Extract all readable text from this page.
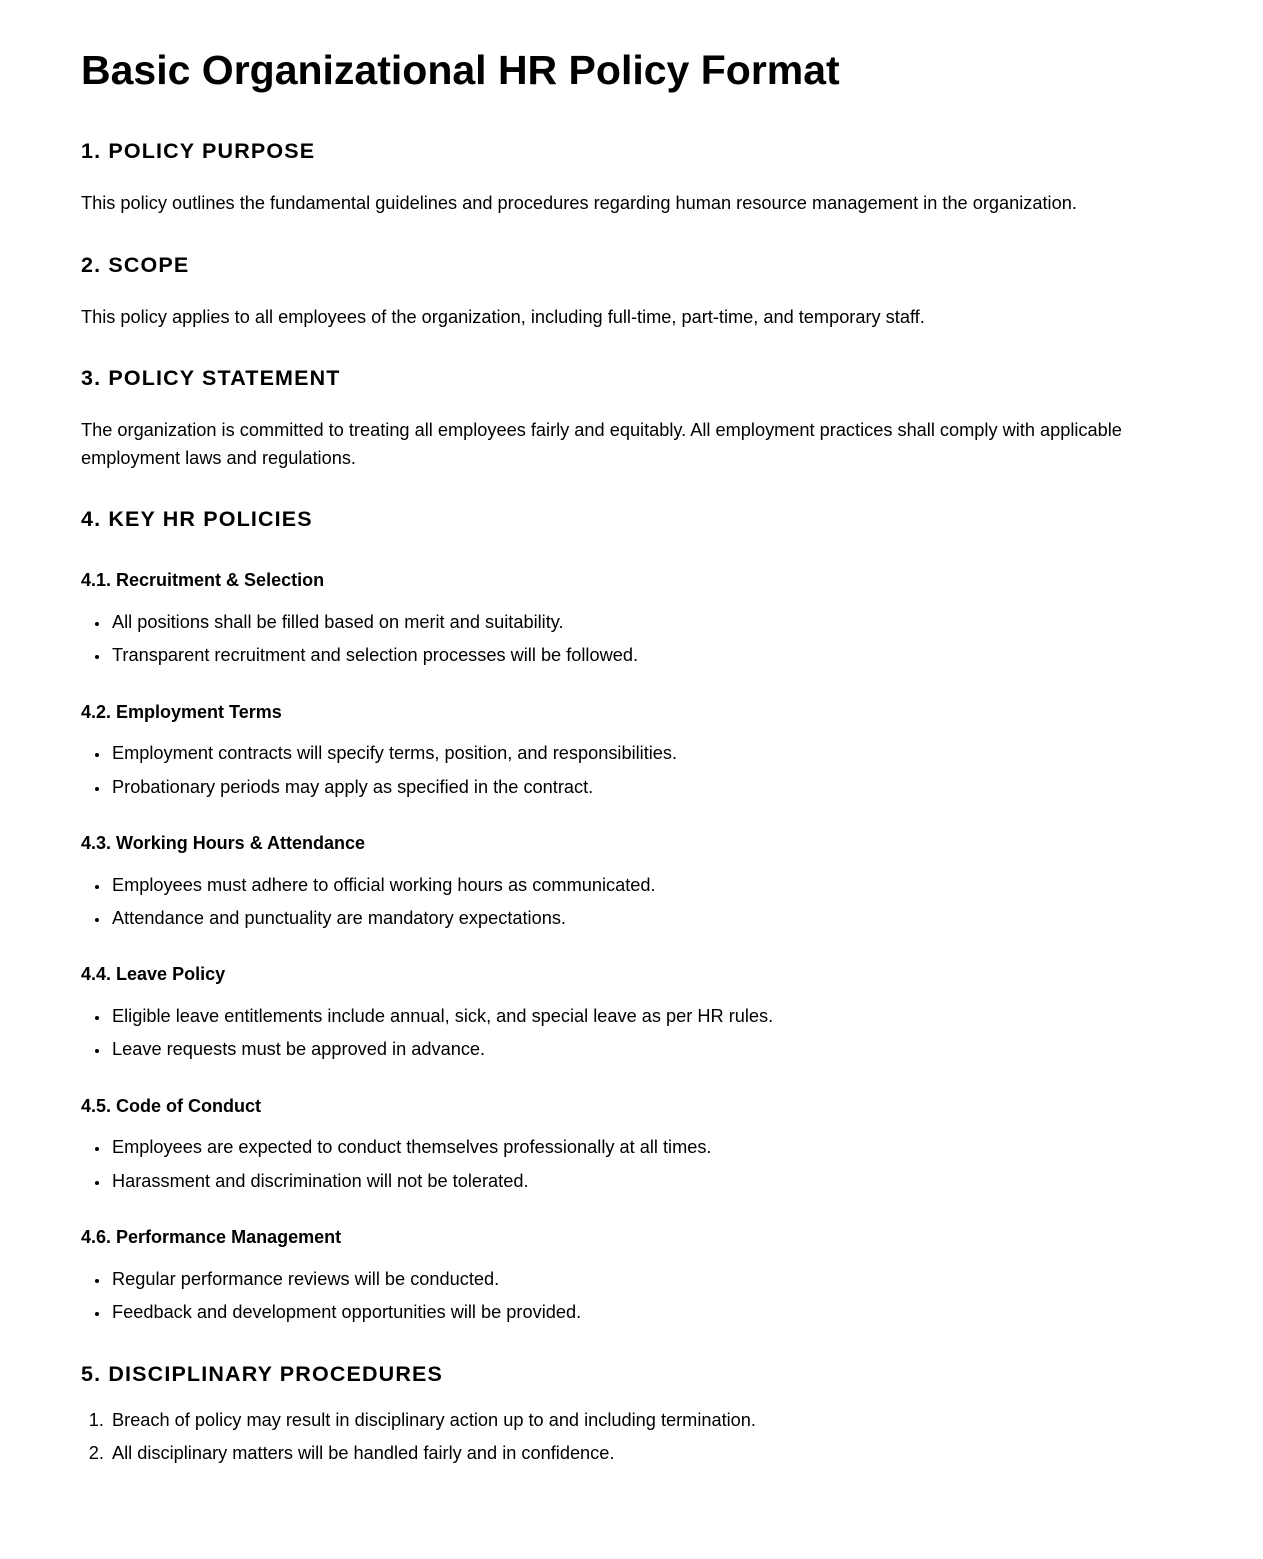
Basic Organizational HR Policy Format
1. POLICY PURPOSE

This policy outlines the fundamental guidelines and procedures regarding human resource management in the organization.

2. SCOPE

This policy applies to all employees of the organization, including full-time, part-time, and temporary staff.

3. POLICY STATEMENT

The organization is committed to treating all employees fairly and equitably. All employment practices shall comply with applicable employment laws and regulations.

4. KEY HR POLICIES
4.1. Recruitment & Selection
• All positions shall be filled based on merit and suitability.
• Transparent recruitment and selection processes will be followed.
4.2. Employment Terms
• Employment contracts will specify terms, position, and responsibilities.
• Probationary periods may apply as specified in the contract.
4.3. Working Hours & Attendance
• Employees must adhere to official working hours as communicated.
• Attendance and punctuality are mandatory expectations.
4.4. Leave Policy
• Eligible leave entitlements include annual, sick, and special leave as per HR rules.
• Leave requests must be approved in advance.
4.5. Code of Conduct
• Employees are expected to conduct themselves professionally at all times.
• Harassment and discrimination will not be tolerated.
4.6. Performance Management
• Regular performance reviews will be conducted.
• Feedback and development opportunities will be provided.
5. DISCIPLINARY PROCEDURES
1. Breach of policy may result in disciplinary action up to and including termination.
2. All disciplinary matters will be handled fairly and in confidence.
